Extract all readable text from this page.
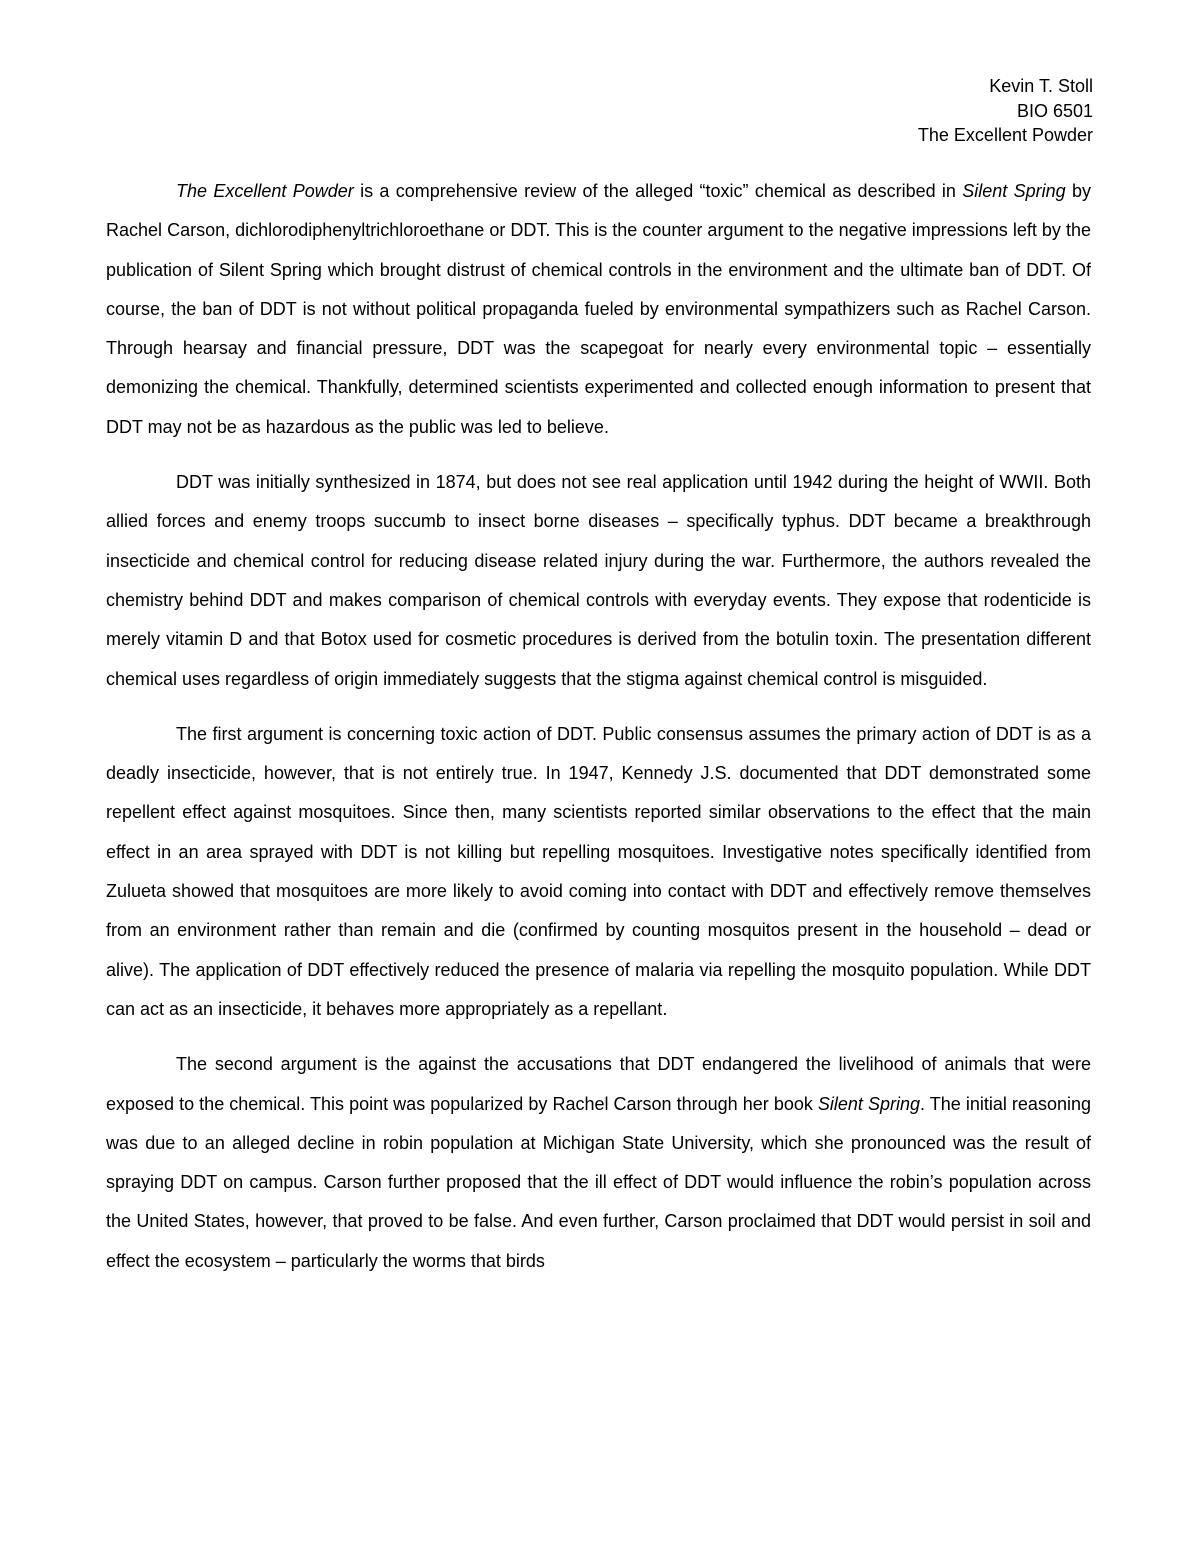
Kevin T. Stoll
BIO 6501
The Excellent Powder

The Excellent Powder is a comprehensive review of the alleged “toxic” chemical as described in Silent Spring by Rachel Carson, dichlorodiphenyltrichloroethane or DDT. This is the counter argument to the negative impressions left by the publication of Silent Spring which brought distrust of chemical controls in the environment and the ultimate ban of DDT. Of course, the ban of DDT is not without political propaganda fueled by environmental sympathizers such as Rachel Carson. Through hearsay and financial pressure, DDT was the scapegoat for nearly every environmental topic – essentially demonizing the chemical. Thankfully, determined scientists experimented and collected enough information to present that DDT may not be as hazardous as the public was led to believe.

DDT was initially synthesized in 1874, but does not see real application until 1942 during the height of WWII. Both allied forces and enemy troops succumb to insect borne diseases – specifically typhus. DDT became a breakthrough insecticide and chemical control for reducing disease related injury during the war. Furthermore, the authors revealed the chemistry behind DDT and makes comparison of chemical controls with everyday events. They expose that rodenticide is merely vitamin D and that Botox used for cosmetic procedures is derived from the botulin toxin. The presentation different chemical uses regardless of origin immediately suggests that the stigma against chemical control is misguided.

The first argument is concerning toxic action of DDT. Public consensus assumes the primary action of DDT is as a deadly insecticide, however, that is not entirely true. In 1947, Kennedy J.S. documented that DDT demonstrated some repellent effect against mosquitoes. Since then, many scientists reported similar observations to the effect that the main effect in an area sprayed with DDT is not killing but repelling mosquitoes. Investigative notes specifically identified from Zulueta showed that mosquitoes are more likely to avoid coming into contact with DDT and effectively remove themselves from an environment rather than remain and die (confirmed by counting mosquitos present in the household – dead or alive). The application of DDT effectively reduced the presence of malaria via repelling the mosquito population. While DDT can act as an insecticide, it behaves more appropriately as a repellant.

The second argument is the against the accusations that DDT endangered the livelihood of animals that were exposed to the chemical. This point was popularized by Rachel Carson through her book Silent Spring. The initial reasoning was due to an alleged decline in robin population at Michigan State University, which she pronounced was the result of spraying DDT on campus. Carson further proposed that the ill effect of DDT would influence the robin’s population across the United States, however, that proved to be false. And even further, Carson proclaimed that DDT would persist in soil and effect the ecosystem – particularly the worms that birds
